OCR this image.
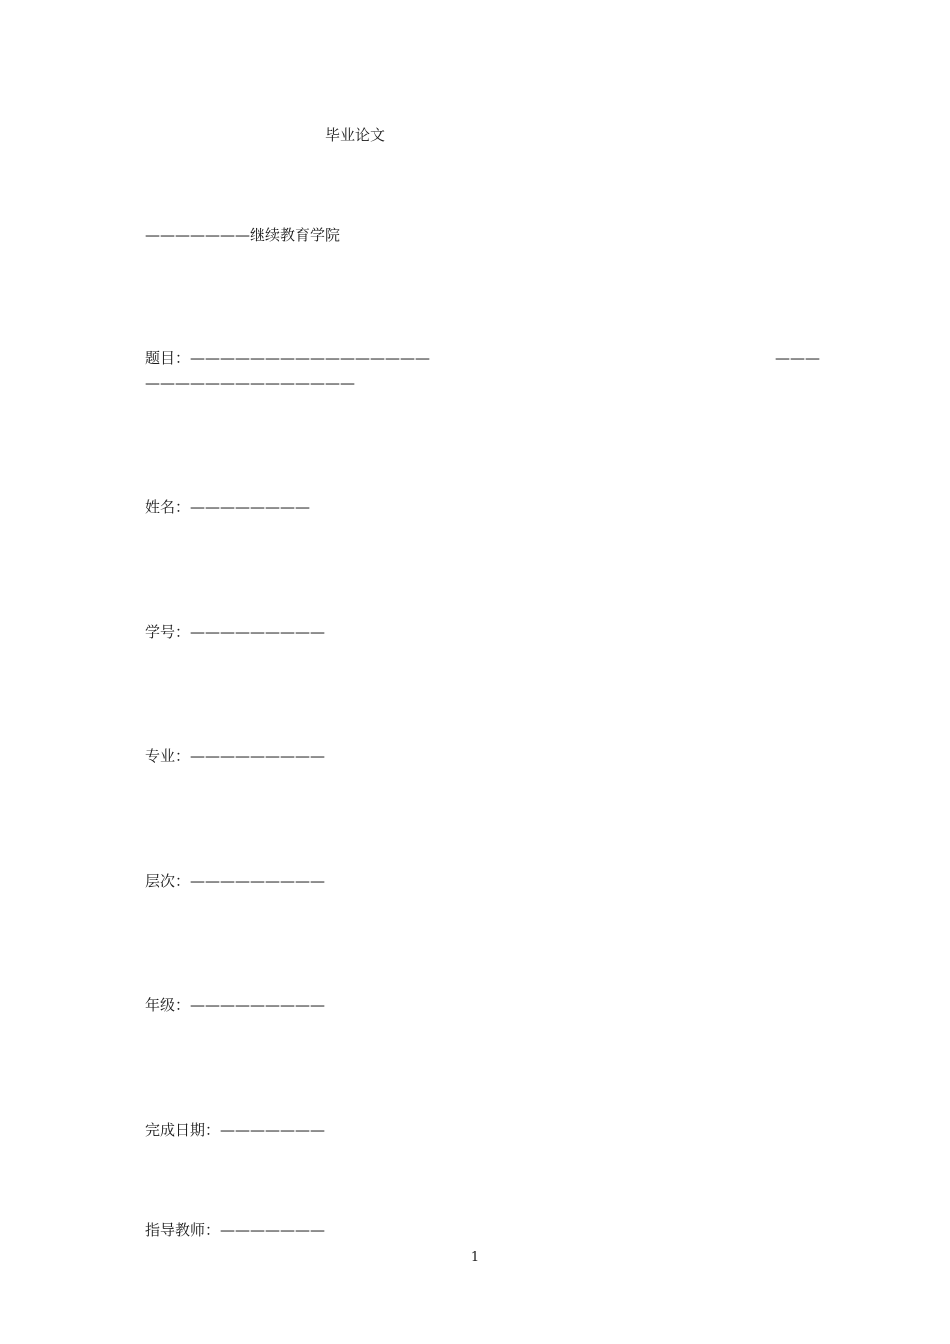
毕业论文
———————继续教育学院
题目：————————————————	———
——————————————
姓名：————————
学号：—————————
专业：—————————
层次：—————————
年级：—————————
完成日期：———————
指导教师：———————
1
